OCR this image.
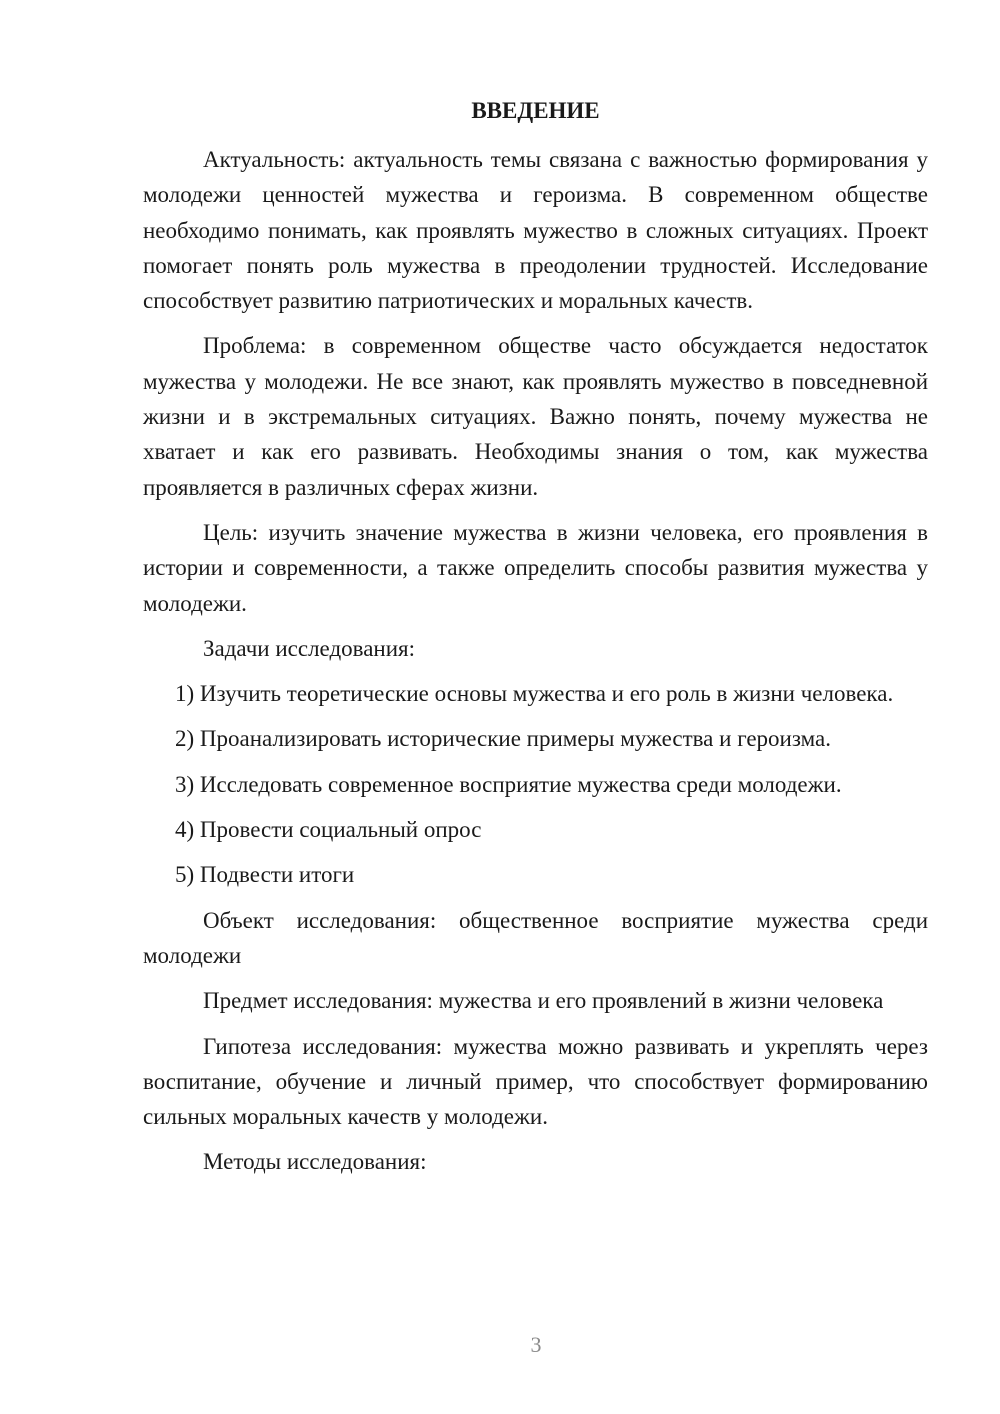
ВВЕДЕНИЕ
Актуальность: актуальность темы связана с важностью формирования у молодежи ценностей мужества и героизма. В современном обществе необходимо понимать, как проявлять мужество в сложных ситуациях. Проект помогает понять роль мужества в преодолении трудностей. Исследование способствует развитию патриотических и моральных качеств.
Проблема: в современном обществе часто обсуждается недостаток мужества у молодежи. Не все знают, как проявлять мужество в повседневной жизни и в экстремальных ситуациях. Важно понять, почему мужества не хватает и как его развивать. Необходимы знания о том, как мужества проявляется в различных сферах жизни.
Цель: изучить значение мужества в жизни человека, его проявления в истории и современности, а также определить способы развития мужества у молодежи.
Задачи исследования:
1) Изучить теоретические основы мужества и его роль в жизни человека.
2) Проанализировать исторические примеры мужества и героизма.
3) Исследовать современное восприятие мужества среди молодежи.
4) Провести социальный опрос
5) Подвести итоги
Объект исследования: общественное восприятие мужества среди молодежи
Предмет исследования: мужества и его проявлений в жизни человека
Гипотеза исследования: мужества можно развивать и укреплять через воспитание, обучение и личный пример, что способствует формированию сильных моральных качеств у молодежи.
Методы исследования:
3
